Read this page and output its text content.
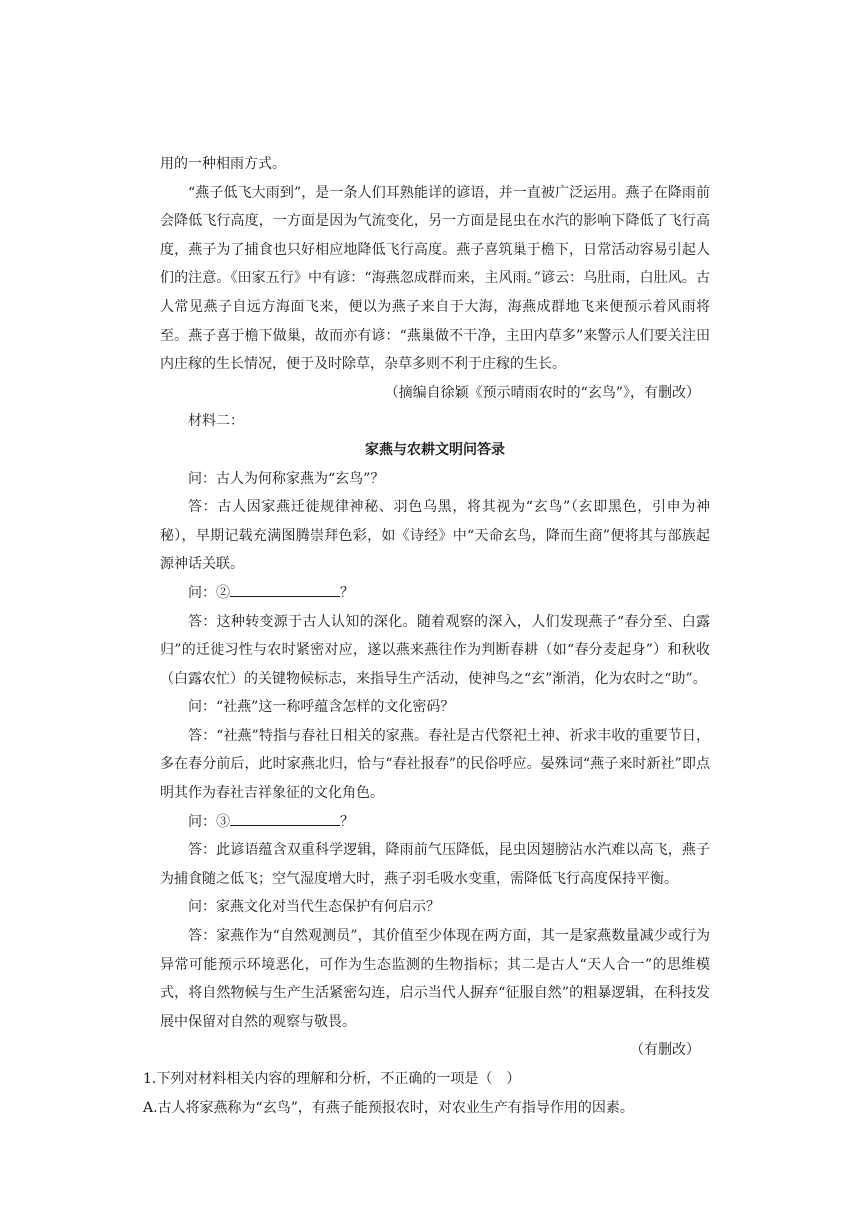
用的一种相雨方式。

“燕子低飞大雨到”，是一条人们耳熟能详的谚语，并一直被广泛运用。燕子在降雨前会降低飞行高度，一方面是因为气流变化，另一方面是昆虫在水汽的影响下降低了飞行高度，燕子为了捕食也只好相应地降低飞行高度。燕子喜筑巢于檐下，日常活动容易引起人们的注意。《田家五行》中有谚：“海燕忽成群而来，主风雨。”谚云：乌肚雨，白肚风。古人常见燕子自远方海面飞来，便以为燕子来自于大海，海燕成群地飞来便预示着风雨将至。燕子喜于檐下做巢，故而亦有谚：“燕巢做不干净，主田内草多”来警示人们要关注田内庄稼的生长情况，便于及时除草，杂草多则不利于庄稼的生长。

（摘编自徐颖《预示晴雨农时的“玄鸟”》，有删改）

材料二：

家燕与农耕文明问答录

问：古人为何称家燕为“玄鸟”？

答：古人因家燕迁徙规律神秘、羽色乌黑，将其视为“玄鸟”（玄即黑色，引申为神秘），早期记载充满图腾崇拜色彩，如《诗经》中“天命玄鸟，降而生商”便将其与部族起源神话关联。

问：②	？

答：这种转变源于古人认知的深化。随着观察的深入，人们发现燕子“春分至、白露归”的迁徙习性与农时紧密对应，遂以燕来燕往作为判断春耕（如“春分麦起身”）和秋收（白露农忙）的关键物候标志，来指导生产活动，使神鸟之“玄”渐消，化为农时之“助”。

问：“社燕”这一称呼蕴含怎样的文化密码？

答：“社燕”特指与春社日相关的家燕。春社是古代祭祀土神、祈求丰收的重要节日，多在春分前后，此时家燕北归，恰与“春社报春”的民俗呼应。晏殊词“燕子来时新社”即点明其作为春社吉祥象征的文化角色。

问：③	？

答：此谚语蕴含双重科学逻辑，降雨前气压降低，昆虫因翅膀沾水汽难以高飞，燕子为捕食随之低飞；空气湿度增大时，燕子羽毛吸水变重，需降低飞行高度保持平衡。

问：家燕文化对当代生态保护有何启示？

答：家燕作为“自然观测员”，其价值至少体现在两方面，其一是家燕数量减少或行为异常可能预示环境恶化，可作为生态监测的生物指标；其二是古人“天人合一”的思维模式，将自然物候与生产生活紧密勾连，启示当代人摒弃“征服自然”的粗暴逻辑，在科技发展中保留对自然的观察与敬畏。

（有删改）

1.下列对材料相关内容的理解和分析，不正确的一项是（　）

A.古人将家燕称为“玄鸟”，有燕子能预报农时，对农业生产有指导作用的因素。
